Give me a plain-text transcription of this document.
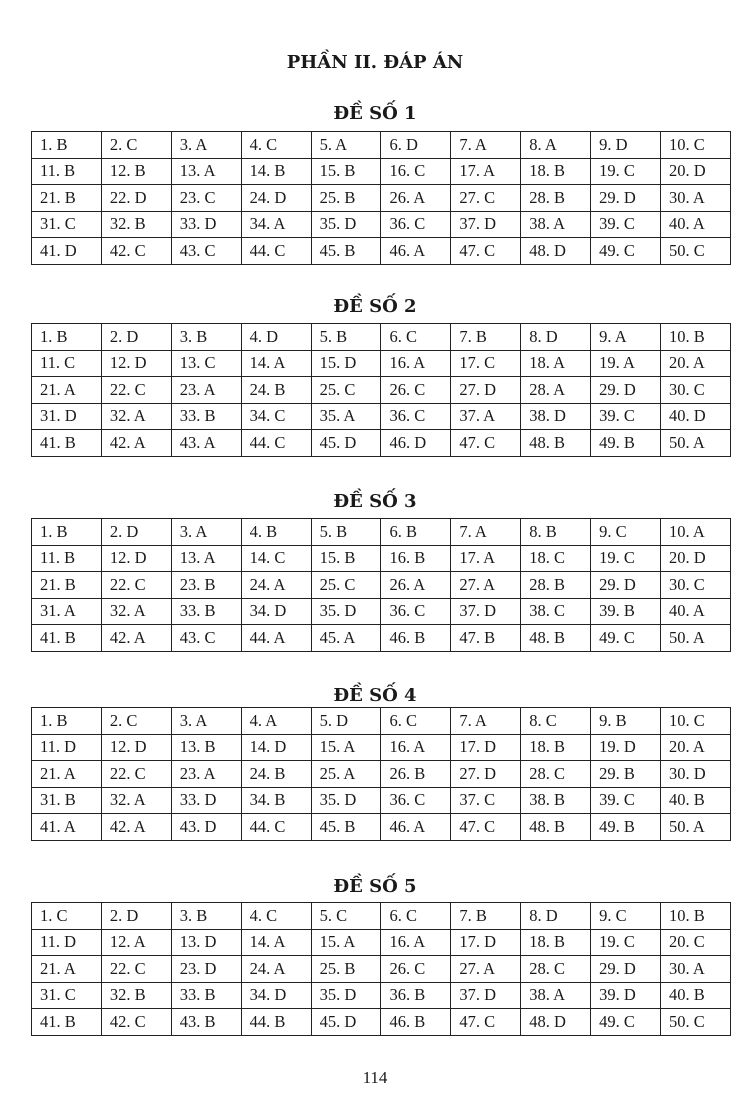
PHẦN II. ĐÁP ÁN
ĐỀ SỐ 1
1. B	2. C	3. A	4. C	5. A	6. D	7. A	8. A	9. D	10. C
11. B	12. B	13. A	14. B	15. B	16. C	17. A	18. B	19. C	20. D
21. B	22. D	23. C	24. D	25. B	26. A	27. C	28. B	29. D	30. A
31. C	32. B	33. D	34. A	35. D	36. C	37. D	38. A	39. C	40. A
41. D	42. C	43. C	44. C	45. B	46. A	47. C	48. D	49. C	50. C
ĐỀ SỐ 2
1. B	2. D	3. B	4. D	5. B	6. C	7. B	8. D	9. A	10. B
11. C	12. D	13. C	14. A	15. D	16. A	17. C	18. A	19. A	20. A
21. A	22. C	23. A	24. B	25. C	26. C	27. D	28. A	29. D	30. C
31. D	32. A	33. B	34. C	35. A	36. C	37. A	38. D	39. C	40. D
41. B	42. A	43. A	44. C	45. D	46. D	47. C	48. B	49. B	50. A
ĐỀ SỐ 3
1. B	2. D	3. A	4. B	5. B	6. B	7. A	8. B	9. C	10. A
11. B	12. D	13. A	14. C	15. B	16. B	17. A	18. C	19. C	20. D
21. B	22. C	23. B	24. A	25. C	26. A	27. A	28. B	29. D	30. C
31. A	32. A	33. B	34. D	35. D	36. C	37. D	38. C	39. B	40. A
41. B	42. A	43. C	44. A	45. A	46. B	47. B	48. B	49. C	50. A
ĐỀ SỐ 4
1. B	2. C	3. A	4. A	5. D	6. C	7. A	8. C	9. B	10. C
11. D	12. D	13. B	14. D	15. A	16. A	17. D	18. B	19. D	20. A
21. A	22. C	23. A	24. B	25. A	26. B	27. D	28. C	29. B	30. D
31. B	32. A	33. D	34. B	35. D	36. C	37. C	38. B	39. C	40. B
41. A	42. A	43. D	44. C	45. B	46. A	47. C	48. B	49. B	50. A
ĐỀ SỐ 5
1. C	2. D	3. B	4. C	5. C	6. C	7. B	8. D	9. C	10. B
11. D	12. A	13. D	14. A	15. A	16. A	17. D	18. B	19. C	20. C
21. A	22. C	23. D	24. A	25. B	26. C	27. A	28. C	29. D	30. A
31. C	32. B	33. B	34. D	35. D	36. B	37. D	38. A	39. D	40. B
41. B	42. C	43. B	44. B	45. D	46. B	47. C	48. D	49. C	50. C
114
